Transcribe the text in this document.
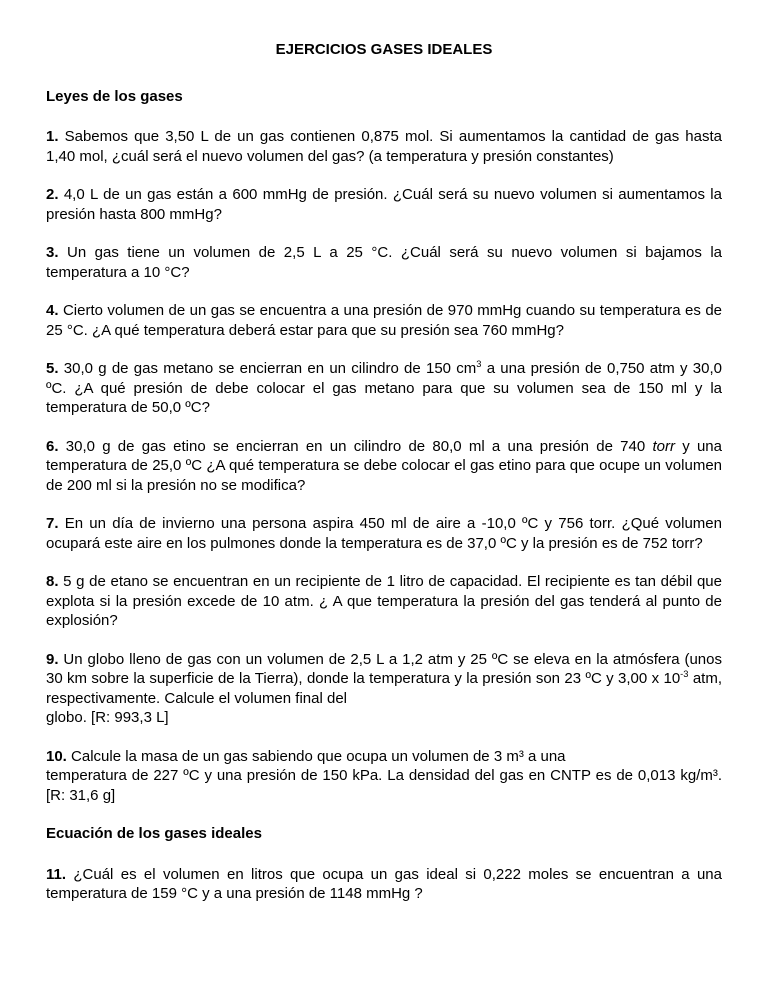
EJERCICIOS GASES IDEALES
Leyes de los gases

1. Sabemos que 3,50 L de un gas contienen 0,875 mol. Si aumentamos la cantidad de gas hasta 1,40 mol, ¿cuál será el nuevo volumen del gas? (a temperatura y presión constantes)

2. 4,0 L de un gas están a 600 mmHg de presión. ¿Cuál será su nuevo volumen si aumentamos la presión hasta 800 mmHg?

3. Un gas tiene un volumen de 2,5 L a 25 °C. ¿Cuál será su nuevo volumen si bajamos la temperatura a 10 °C?

4. Cierto volumen de un gas se encuentra a una presión de 970 mmHg cuando su temperatura es de 25 °C. ¿A qué temperatura deberá estar para que su presión sea 760 mmHg?

5. 30,0 g de gas metano se encierran en un cilindro de 150 $cm^3$ a una presión de 0,750 atm y 30,0 ºC. ¿A qué presión de debe colocar el gas metano para que su volumen sea de 150 ml y la temperatura de 50,0 ºC?

6. 30,0 g de gas etino se encierran en un cilindro de 80,0 ml a una presión de 740 torr y una temperatura de 25,0 ºC ¿A qué temperatura se debe colocar el gas etino para que ocupe un volumen de 200 ml si la presión no se modifica?

7. En un día de invierno una persona aspira 450 ml de aire a -10,0 ºC y 756 torr. ¿Qué volumen ocupará este aire en los pulmones donde la temperatura es de 37,0 ºC y la presión es de 752 torr?

8. 5 g de etano se encuentran en un recipiente de 1 litro de capacidad. El recipiente es tan débil que explota si la presión excede de 10 atm. ¿ A que temperatura la presión del gas tenderá al punto de explosión?

9. Un globo lleno de gas con un volumen de 2,5 L a 1,2 atm y 25 ºC se eleva en la atmósfera (unos 30 km sobre la superficie de la Tierra), donde la temperatura y la presión son 23 ºC y 3,00 x $10^{-3}$ atm, respectivamente. Calcule el volumen final del
globo. [R: 993,3 L]

10. Calcule la masa de un gas sabiendo que ocupa un volumen de 3 m³ a una
temperatura de 227 ºC y una presión de 150 kPa. La densidad del gas en CNTP es de 0,013 kg/m³. [R: 31,6 g]

Ecuación de los gases ideales

11. ¿Cuál es el volumen en litros que ocupa un gas ideal si 0,222 moles se encuentran a una temperatura de 159 °C y a una presión de 1148 mmHg ?
